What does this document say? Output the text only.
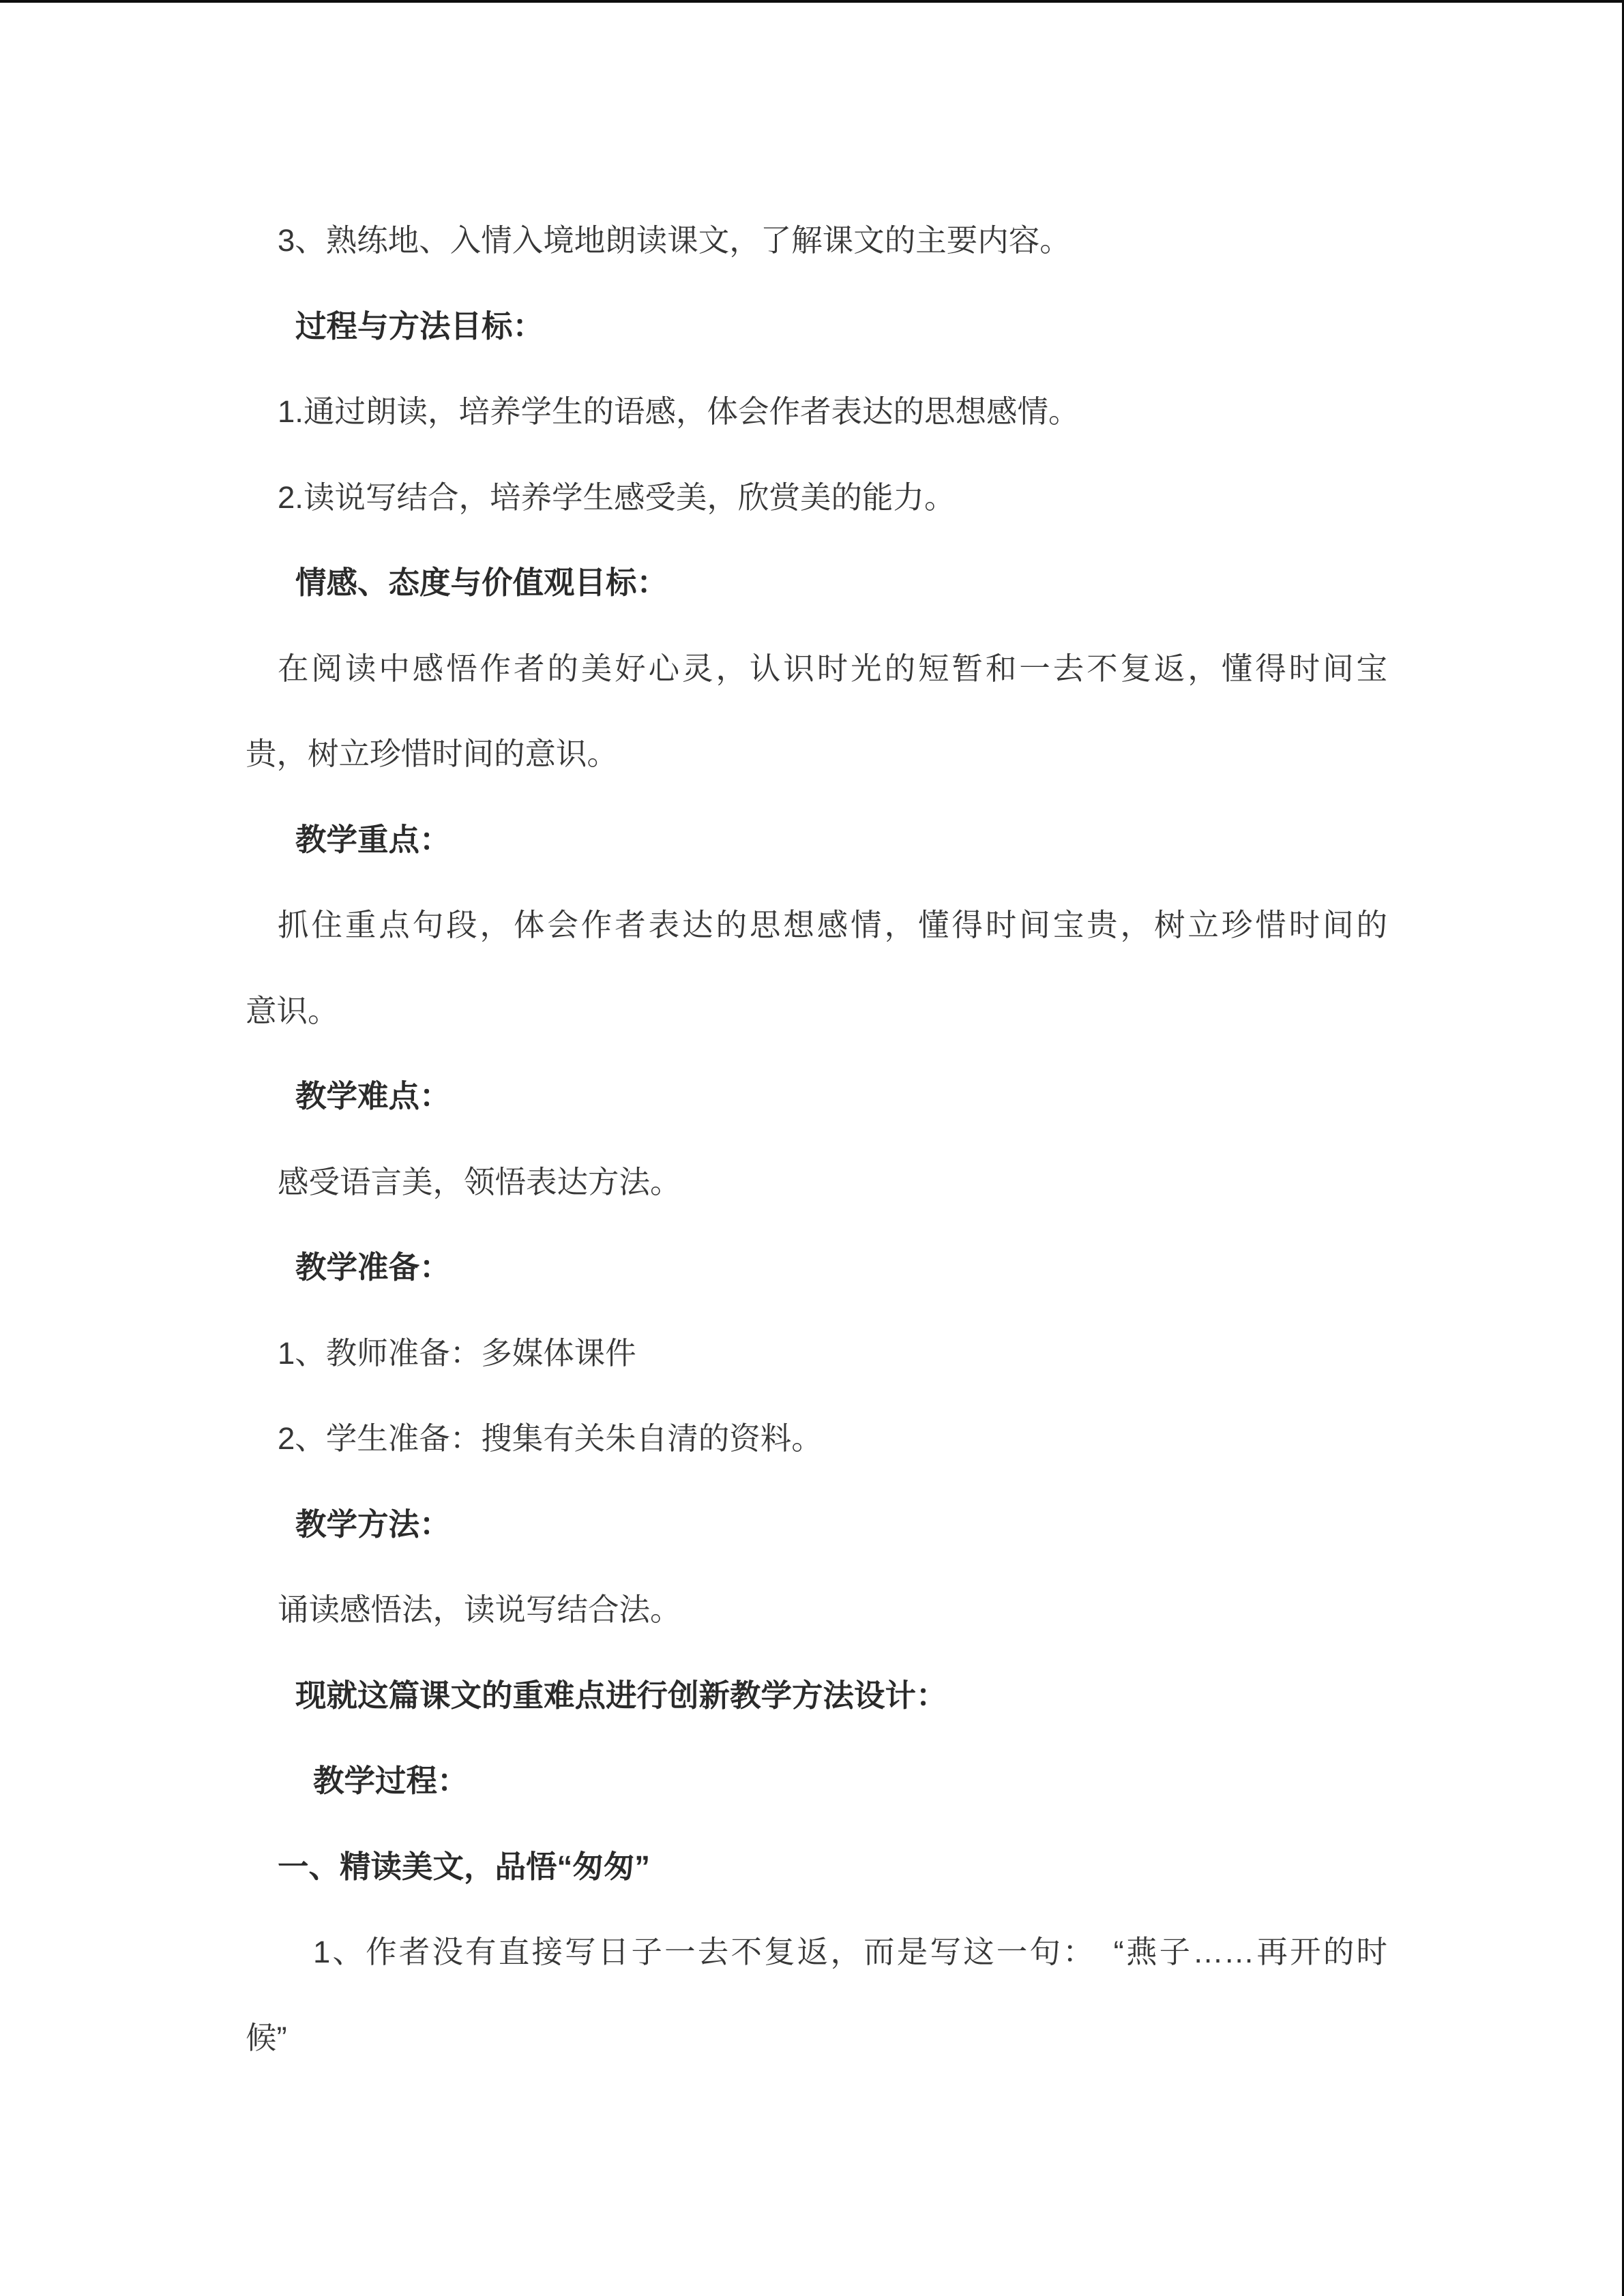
3、熟练地、入情入境地朗读课文，了解课文的主要内容。
过程与方法目标：
1.通过朗读，培养学生的语感，体会作者表达的思想感情。
2.读说写结合，培养学生感受美，欣赏美的能力。
情感、态度与价值观目标：
在阅读中感悟作者的美好心灵，认识时光的短暂和一去不复返，懂得时间宝
贵，树立珍惜时间的意识。
教学重点：
抓住重点句段，体会作者表达的思想感情，懂得时间宝贵，树立珍惜时间的
意识。
教学难点：
感受语言美，领悟表达方法。
教学准备：
1、教师准备：多媒体课件
2、学生准备：搜集有关朱自清的资料。
教学方法：
诵读感悟法，读说写结合法。
现就这篇课文的重难点进行创新教学方法设计：
教学过程：
一、精读美文，品悟“匆匆”
1、作者没有直接写日子一去不复返，而是写这一句：　“燕子……再开的时
候”
